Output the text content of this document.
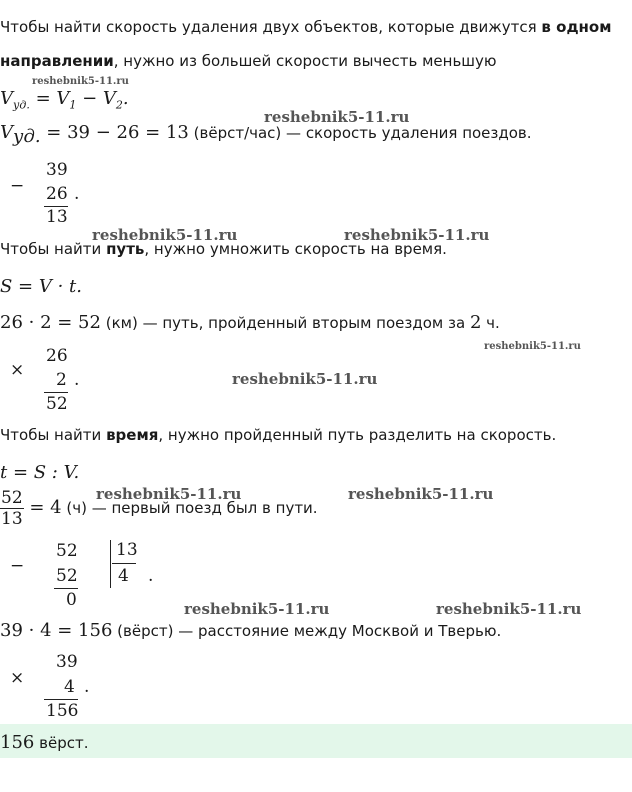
Чтобы найти скорость удаления двух объектов, которые движутся в одном
направлении, нужно из большей скорости вычесть меньшую
$V_{уд.} = V_1 - V_2$.
$V_{уд.} = 39 - 26 = 13$ (вёрст/час) — скорость удаления поездов.
−
39
26
13
.
Чтобы найти путь, нужно умножить скорость на время.
S = V · t.
26 · 2 = 52 (км) — путь, пройденный вторым поездом за 2 ч.
×
26
2
52
.
Чтобы найти время, нужно пройденный путь разделить на скорость.
t = S : V.
$\frac{52}{13} = 4$ (ч) — первый поезд был в пути.
−
52
52
0
13
4 .
39 · 4 = 156 (вёрст) — расстояние между Москвой и Тверью.
×
39
4
156
.
156 вёрст.
reshebnik5-11.ru
reshebnik5-11.ru
reshebnik5-11.ru	reshebnik5-11.ru
reshebnik5-11.ru
reshebnik5-11.ru
reshebnik5-11.ru	reshebnik5-11.ru
reshebnik5-11.ru	reshebnik5-11.ru
